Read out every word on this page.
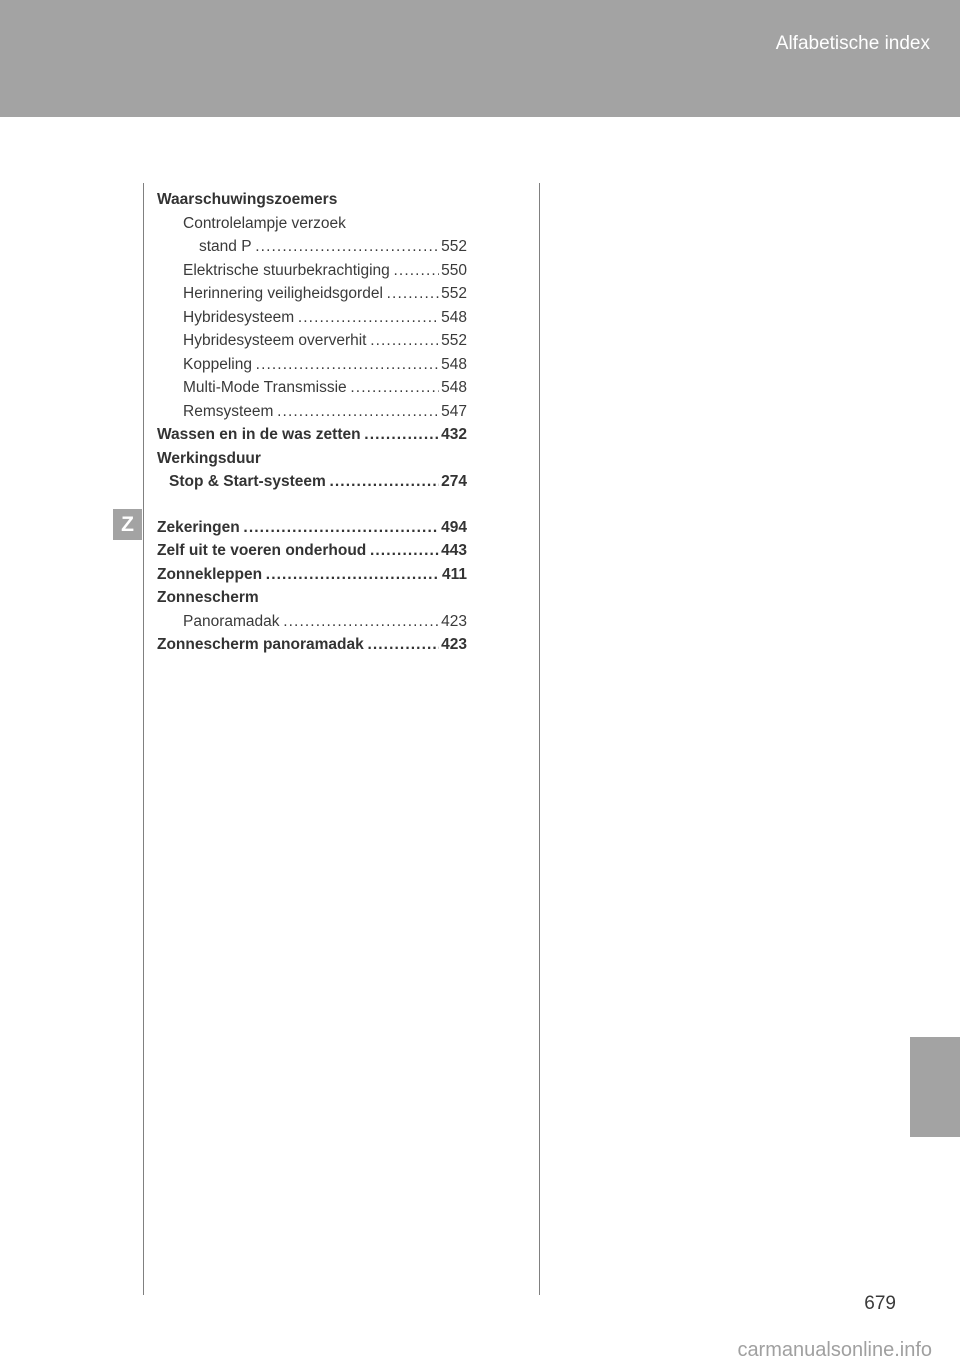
Alfabetische index
Z
Waarschuwingszoemers
Controlelampje verzoek
stand P . . .	552
Elektrische stuurbekrachtiging . . .	550
Herinnering veiligheidsgordel . . .	552
Hybridesysteem . . .	548
Hybridesysteem oververhit . . .	552
Koppeling . . .	548
Multi-Mode Transmissie . . .	548
Remsysteem . . .	547
Wassen en in de was zetten . . .	432
Werkingsduur
Stop & Start-systeem . . .	274
Zekeringen . . .	494
Zelf uit te voeren onderhoud . . .	443
Zonnekleppen . . .	411
Zonnescherm
Panoramadak . . .	423
Zonnescherm panoramadak . . .	423
679
carmanualsonline.info
